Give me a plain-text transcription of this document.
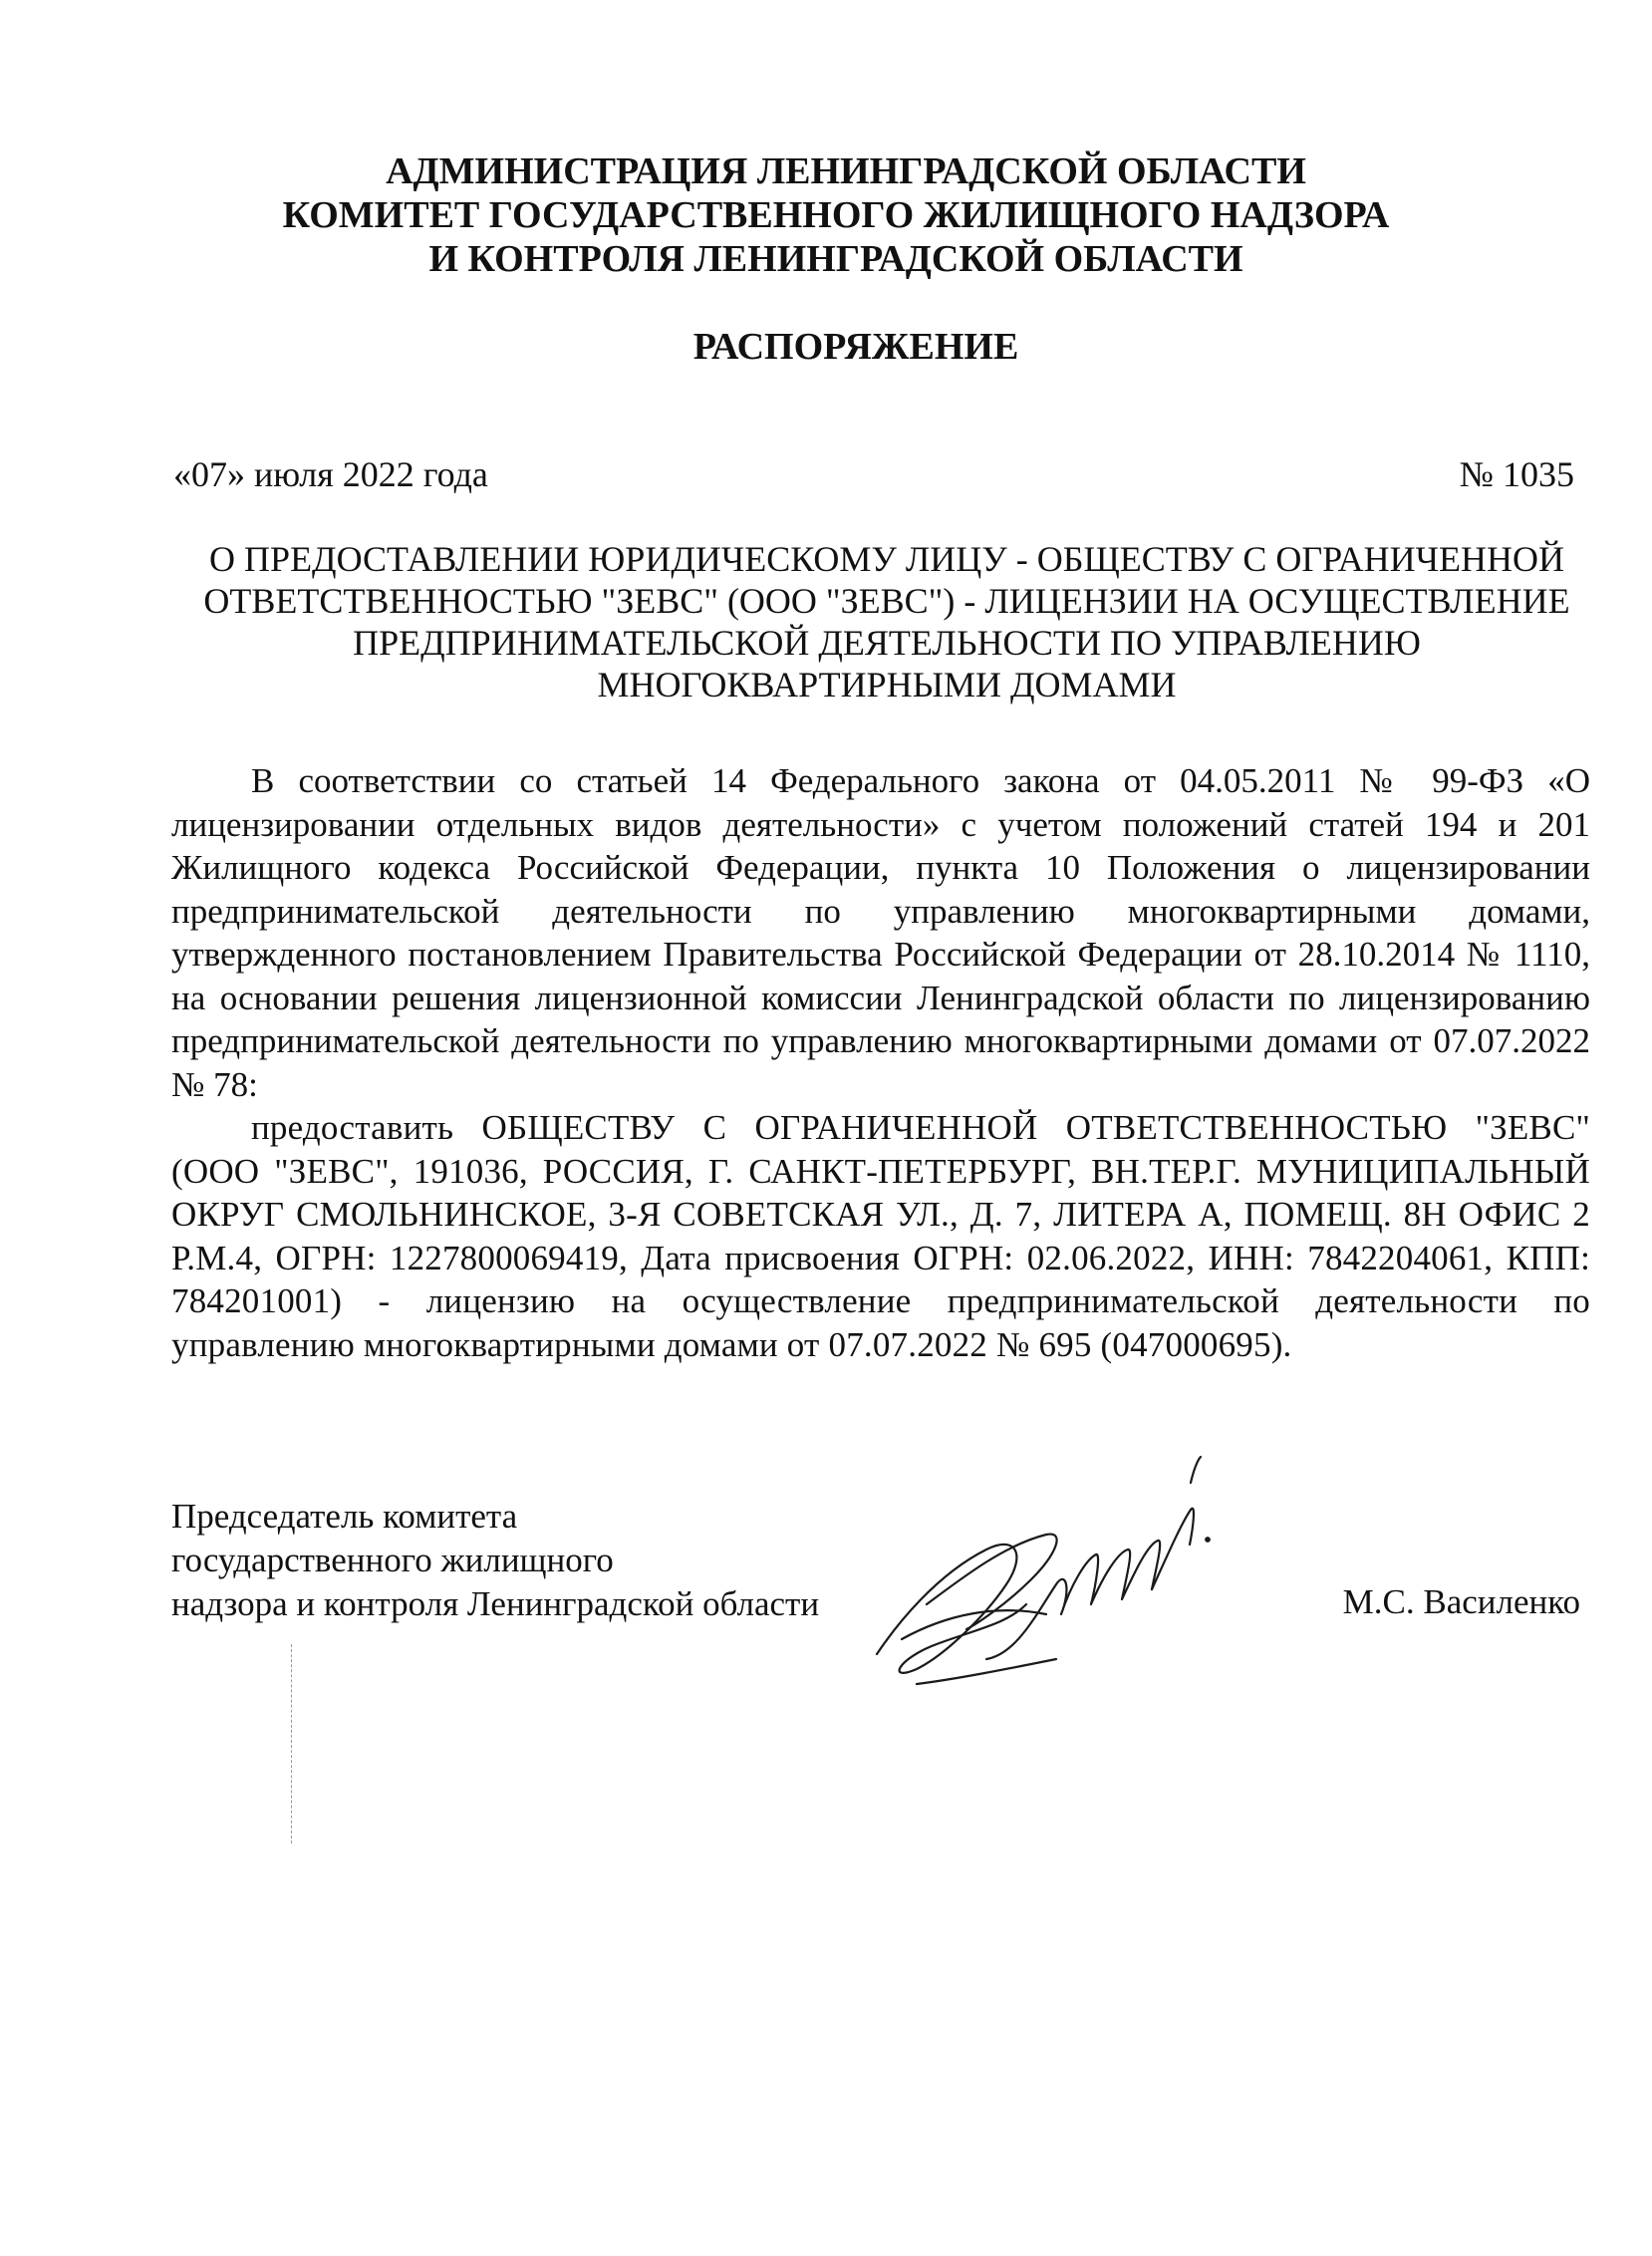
АДМИНИСТРАЦИЯ ЛЕНИНГРАДСКОЙ ОБЛАСТИ
КОМИТЕТ ГОСУДАРСТВЕННОГО ЖИЛИЩНОГО НАДЗОРА
И КОНТРОЛЯ ЛЕНИНГРАДСКОЙ ОБЛАСТИ
РАСПОРЯЖЕНИЕ
«07» июля 2022 года	№ 1035
О ПРЕДОСТАВЛЕНИИ ЮРИДИЧЕСКОМУ ЛИЦУ - ОБЩЕСТВУ С ОГРАНИЧЕННОЙ ОТВЕТСТВЕННОСТЬЮ "ЗЕВС" (ООО "ЗЕВС") - ЛИЦЕНЗИИ НА ОСУЩЕСТВЛЕНИЕ ПРЕДПРИНИМАТЕЛЬСКОЙ ДЕЯТЕЛЬНОСТИ ПО УПРАВЛЕНИЮ МНОГОКВАРТИРНЫМИ ДОМАМИ

В соответствии со статьей 14 Федерального закона от 04.05.2011 № 99-ФЗ «О лицензировании отдельных видов деятельности» с учетом положений статей 194 и 201 Жилищного кодекса Российской Федерации, пункта 10 Положения о лицензировании предпринимательской деятельности по управлению многоквартирными домами, утвержденного постановлением Правительства Российской Федерации от 28.10.2014 № 1110, на основании решения лицензионной комиссии Ленинградской области по лицензированию предпринимательской деятельности по управлению многоквартирными домами от 07.07.2022 № 78:

предоставить ОБЩЕСТВУ С ОГРАНИЧЕННОЙ ОТВЕТСТВЕННОСТЬЮ "ЗЕВС" (ООО "ЗЕВС", 191036, РОССИЯ, Г. САНКТ-ПЕТЕРБУРГ, ВН.ТЕР.Г. МУНИЦИПАЛЬНЫЙ ОКРУГ СМОЛЬНИНСКОЕ, 3-Я СОВЕТСКАЯ УЛ., Д. 7, ЛИТЕРА А, ПОМЕЩ. 8Н ОФИС 2 Р.М.4, ОГРН: 1227800069419, Дата присвоения ОГРН: 02.06.2022, ИНН: 7842204061, КПП: 784201001) - лицензию на осуществление предпринимательской деятельности по управлению многоквартирными домами от 07.07.2022 № 695 (047000695).

Председатель комитета
государственного жилищного
надзора и контроля Ленинградской области	М.С. Василенко
